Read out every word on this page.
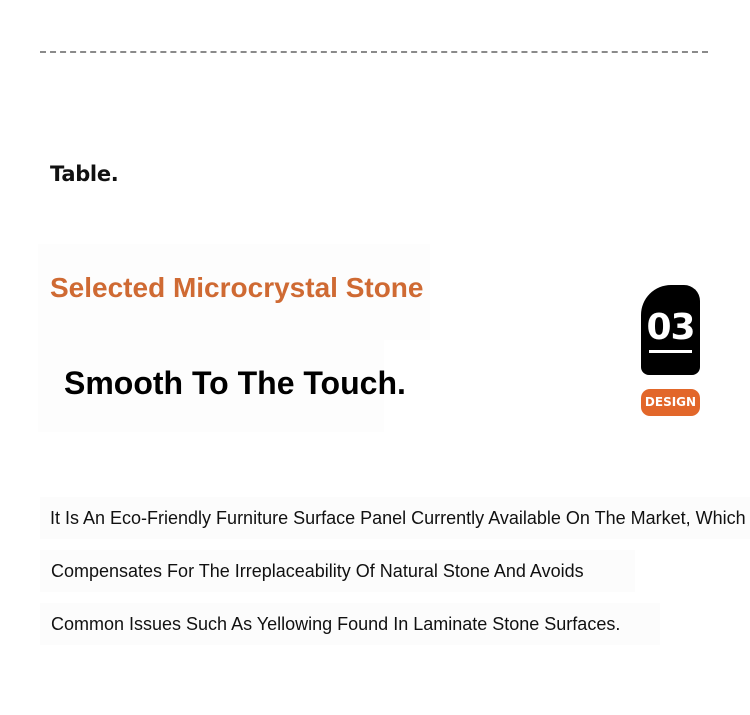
Table.
Selected Microcrystal Stone
Smooth To The Touch.
03
DESIGN
It Is An Eco-Friendly Furniture Surface Panel Currently Available On The Market, Which
Compensates For The Irreplaceability Of Natural Stone And Avoids
Common Issues Such As Yellowing Found In Laminate Stone Surfaces.
